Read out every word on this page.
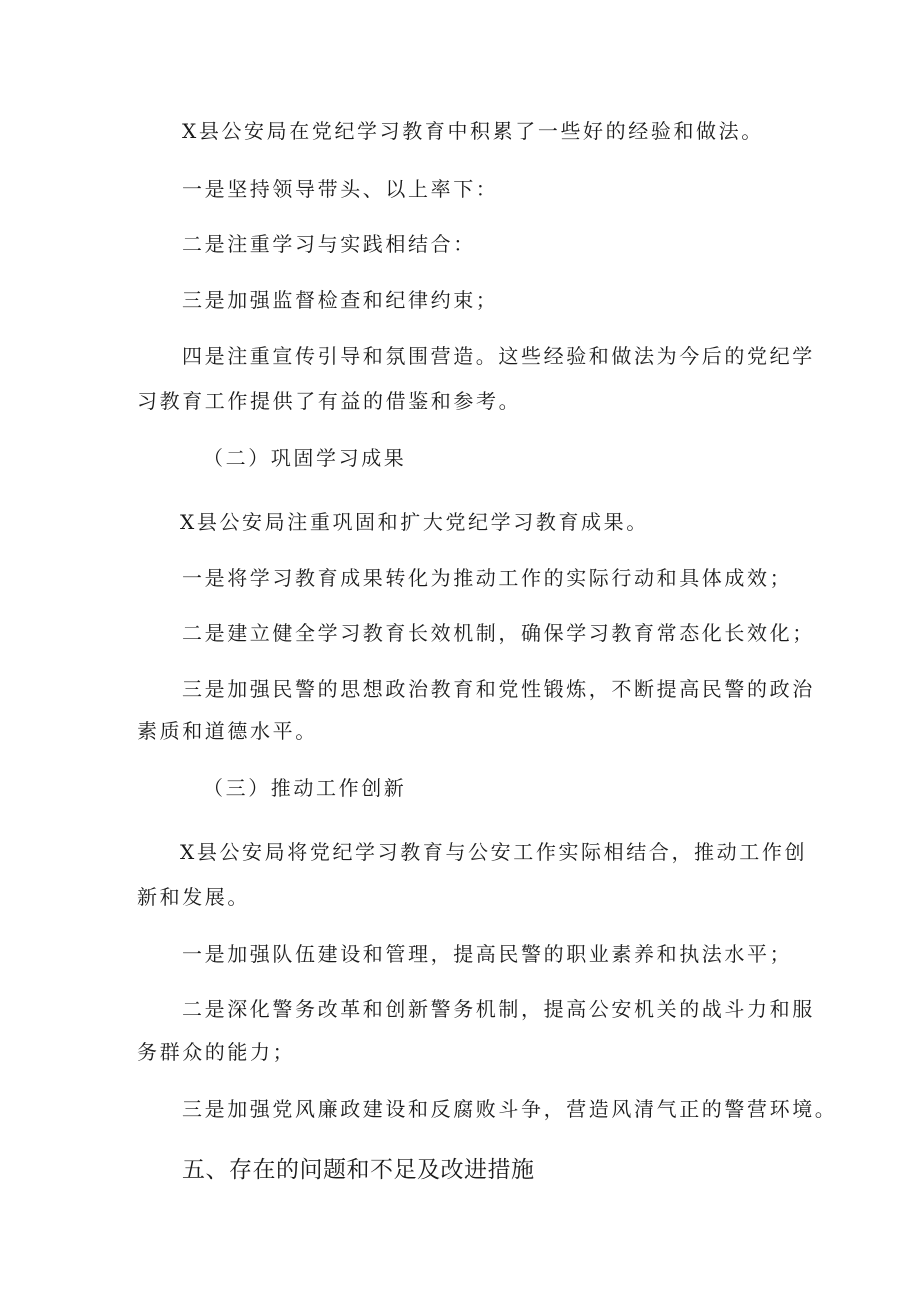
X县公安局在党纪学习教育中积累了一些好的经验和做法。
一是坚持领导带头、以上率下：
二是注重学习与实践相结合：
三是加强监督检查和纪律约束；
四是注重宣传引导和氛围营造。这些经验和做法为今后的党纪学
习教育工作提供了有益的借鉴和参考。
（二）巩固学习成果
X县公安局注重巩固和扩大党纪学习教育成果。
一是将学习教育成果转化为推动工作的实际行动和具体成效；
二是建立健全学习教育长效机制，确保学习教育常态化长效化；
三是加强民警的思想政治教育和党性锻炼，不断提高民警的政治
素质和道德水平。
（三）推动工作创新
X县公安局将党纪学习教育与公安工作实际相结合，推动工作创
新和发展。
一是加强队伍建设和管理，提高民警的职业素养和执法水平；
二是深化警务改革和创新警务机制，提高公安机关的战斗力和服
务群众的能力；
三是加强党风廉政建设和反腐败斗争，营造风清气正的警营环境。
五、存在的问题和不足及改进措施
